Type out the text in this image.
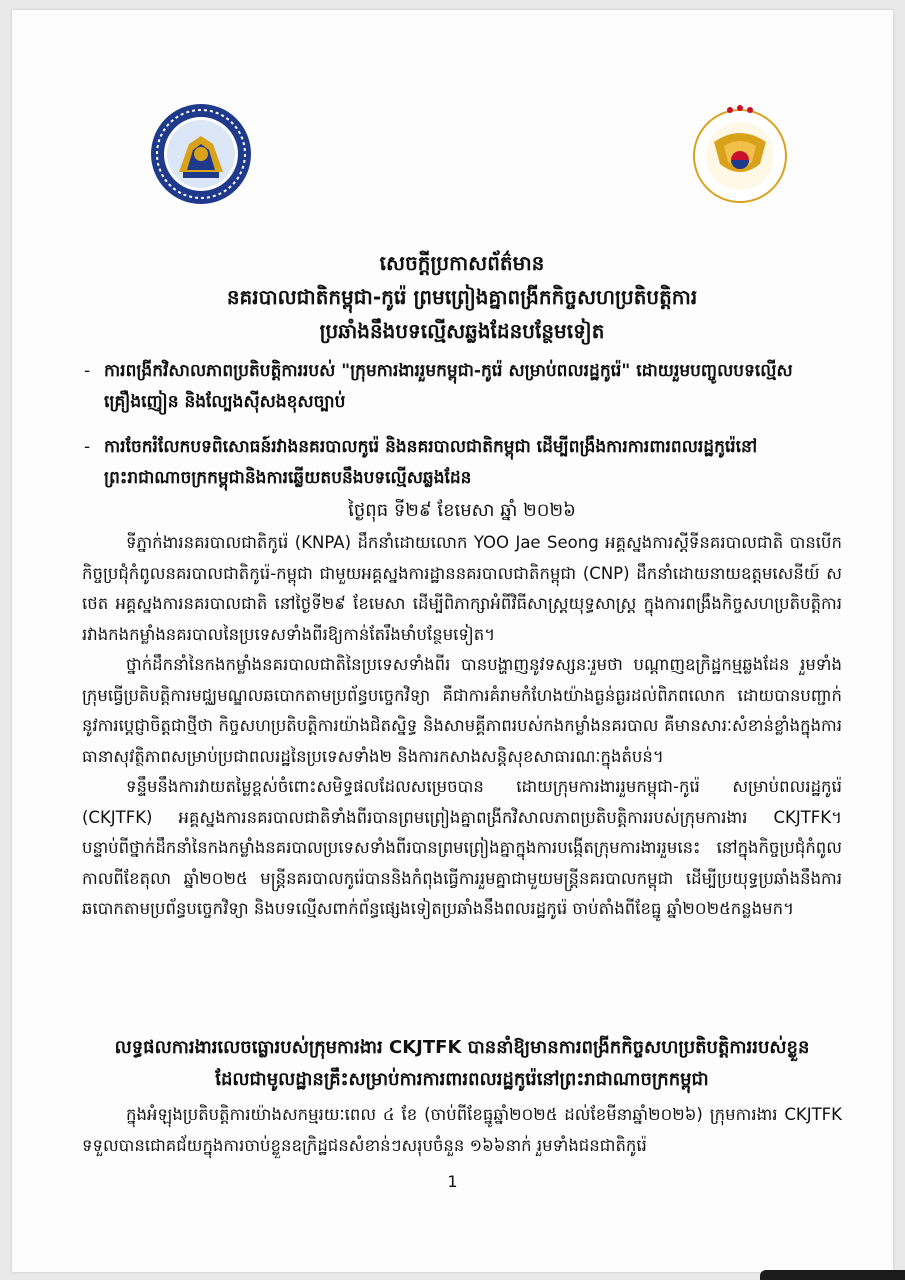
សេចក្តីប្រកាសព័ត៌មាន
នគរបាលជាតិកម្ពុជា-កូរ៉េ ព្រមព្រៀងគ្នាពង្រីកកិច្ចសហប្រតិបត្តិការ
ប្រឆាំងនឹងបទល្មើសឆ្លងដែនបន្ថែមទៀត
- ការពង្រីកវិសាលភាពប្រតិបត្តិការរបស់ "ក្រុមការងាររួមកម្ពុជា-កូរ៉េ សម្រាប់ពលរដ្ឋកូរ៉េ" ដោយរួមបញ្ចូលបទល្មើសគ្រឿងញៀន និងល្បែងស៊ីសងខុសច្បាប់
- ការចែករំលែកបទពិសោធន៍រវាងនគរបាលកូរ៉េ និងនគរបាលជាតិកម្ពុជា ដើម្បីពង្រឹងការការពារពលរដ្ឋកូរ៉េនៅព្រះរាជាណាចក្រកម្ពុជានិងការឆ្លើយតបនឹងបទល្មើសឆ្លងដែន
ថ្ងៃពុធ ទី២៩ ខែមេសា ឆ្នាំ ២០២៦

ទីភ្នាក់ងារនគរបាលជាតិកូរ៉េ (KNPA) ដឹកនាំដោយលោក YOO Jae Seong អគ្គស្នងការស្តីទីនគរបាលជាតិ បានបើកកិច្ចប្រជុំកំពូលនគរបាលជាតិកូរ៉េ-កម្ពុជា ជាមួយអគ្គស្នងការដ្ឋាននគរបាលជាតិកម្ពុជា (CNP) ដឹកនាំដោយនាយឧត្តមសេនីយ៍ ស ថេត អគ្គស្នងការនគរបាលជាតិ នៅថ្ងៃទី២៩ ខែមេសា ដើម្បីពិភាក្សាអំពីវិធីសាស្ត្រយុទ្ធសាស្ត្រ ក្នុងការពង្រឹងកិច្ចសហប្រតិបត្តិការរវាងកងកម្លាំងនគរបាលនៃប្រទេសទាំងពីរឱ្យកាន់តែរឹងមាំបន្ថែមទៀត។

ថ្នាក់ដឹកនាំនៃកងកម្លាំងនគរបាលជាតិនៃប្រទេសទាំងពីរ បានបង្ហាញនូវទស្សនៈរួមថា បណ្តាញឧក្រិដ្ឋកម្មឆ្លងដែន រួមទាំងក្រុមធ្វើប្រតិបត្តិការមជ្ឈមណ្ឌលឆបោកតាមប្រព័ន្ធបច្ចេកវិទ្យា គឺជាការគំរាមកំហែងយ៉ាងធ្ងន់ធ្ងរដល់ពិភពលោក ដោយបានបញ្ជាក់នូវការប្តេជ្ញាចិត្តជាថ្មីថា កិច្ចសហប្រតិបត្តិការយ៉ាងជិតស្និទ្ធ និងសាមគ្គីភាពរបស់កងកម្លាំងនគរបាល គឺមានសារៈសំខាន់ខ្លាំងក្នុងការធានាសុវត្ថិភាពសម្រាប់ប្រជាពលរដ្ឋនៃប្រទេសទាំង២ និងការកសាងសន្តិសុខសាធារណៈក្នុងតំបន់។

ទន្ទឹមនឹងការវាយតម្លៃខ្ពស់ចំពោះសមិទ្ធផលដែលសម្រេចបាន ដោយក្រុមការងាររួមកម្ពុជា-កូរ៉េ សម្រាប់ពលរដ្ឋកូរ៉េ (CKJTFK) អគ្គស្នងការនគរបាលជាតិទាំងពីរបានព្រមព្រៀងគ្នាពង្រីកវិសាលភាពប្រតិបត្តិការរបស់ក្រុមការងារ CKJTFK។ បន្ទាប់ពីថ្នាក់ដឹកនាំនៃកងកម្លាំងនគរបាលប្រទេសទាំងពីរបានព្រមព្រៀងគ្នាក្នុងការបង្កើតក្រុមការងាររួមនេះ នៅក្នុងកិច្ចប្រជុំកំពូល កាលពីខែតុលា ឆ្នាំ២០២៥ មន្ត្រីនគរបាលកូរ៉េបាននិងកំពុងធ្វើការរួមគ្នាជាមួយមន្ត្រីនគរបាលកម្ពុជា ដើម្បីប្រយុទ្ធប្រឆាំងនឹងការឆបោកតាមប្រព័ន្ធបច្ចេកវិទ្យា និងបទល្មើសពាក់ព័ន្ធផ្សេងទៀតប្រឆាំងនឹងពលរដ្ឋកូរ៉េ ចាប់តាំងពីខែធ្នូ ឆ្នាំ២០២៥កន្លងមក។

លទ្ធផលការងារលេចធ្លោរបស់ក្រុមការងារ CKJTFK បាននាំឱ្យមានការពង្រីកកិច្ចសហប្រតិបត្តិការរបស់ខ្លួន
ដែលជាមូលដ្ឋានគ្រឹះសម្រាប់ការការពារពលរដ្ឋកូរ៉េនៅព្រះរាជាណាចក្រកម្ពុជា

ក្នុងអំឡុងប្រតិបត្តិការយ៉ាងសកម្មរយៈពេល ៤ ខែ (ចាប់ពីខែធ្នូឆ្នាំ២០២៥ ដល់ខែមីនាឆ្នាំ២០២៦) ក្រុមការងារ CKJTFK ទទួលបានជោគជ័យក្នុងការចាប់ខ្លួនឧក្រិដ្ឋជនសំខាន់ៗសរុបចំនួន ១៦៦នាក់ រួមទាំងជនជាតិកូរ៉េ

1
